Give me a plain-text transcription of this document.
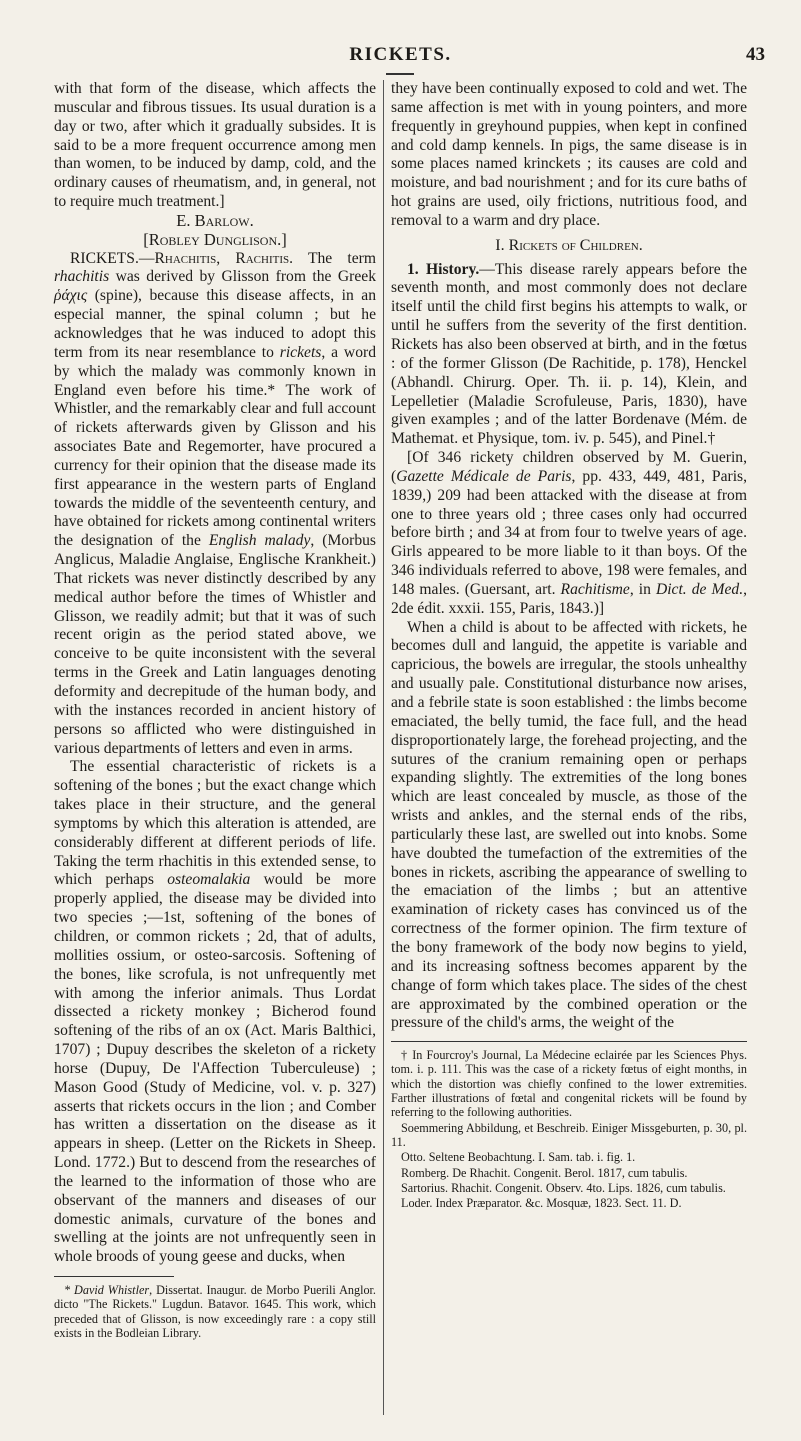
RICKETS.	43

with that form of the disease, which affects the muscular and fibrous tissues. Its usual duration is a day or two, after which it gradually subsides. It is said to be a more frequent occurrence among men than women, to be induced by damp, cold, and the ordinary causes of rheumatism, and, in general, not to require much treatment.]

E. Barlow.

[Robley Dunglison.]

RICKETS.—Rhachitis, Rachitis. The term rhachitis was derived by Glisson from the Greek ῥάχις (spine), because this disease affects, in an especial manner, the spinal column ; but he acknowledges that he was induced to adopt this term from its near resemblance to rickets, a word by which the malady was commonly known in England even before his time.* The work of Whistler, and the remarkably clear and full account of rickets afterwards given by Glisson and his associates Bate and Regemorter, have procured a currency for their opinion that the disease made its first appearance in the western parts of England towards the middle of the seventeenth century, and have obtained for rickets among continental writers the designation of the English malady, (Morbus Anglicus, Maladie Anglaise, Englische Krankheit.) That rickets was never distinctly described by any medical author before the times of Whistler and Glisson, we readily admit; but that it was of such recent origin as the period stated above, we conceive to be quite inconsistent with the several terms in the Greek and Latin languages denoting deformity and decrepitude of the human body, and with the instances recorded in ancient history of persons so afflicted who were distinguished in various departments of letters and even in arms.

The essential characteristic of rickets is a softening of the bones ; but the exact change which takes place in their structure, and the general symptoms by which this alteration is attended, are considerably different at different periods of life. Taking the term rhachitis in this extended sense, to which perhaps osteomalakia would be more properly applied, the disease may be divided into two species ;—1st, softening of the bones of children, or common rickets ; 2d, that of adults, mollities ossium, or osteo-sarcosis. Softening of the bones, like scrofula, is not unfrequently met with among the inferior animals. Thus Lordat dissected a rickety monkey ; Bicherod found softening of the ribs of an ox (Act. Maris Balthici, 1707) ; Dupuy describes the skeleton of a rickety horse (Dupuy, De l'Affection Tuberculeuse) ; Mason Good (Study of Medicine, vol. v. p. 327) asserts that rickets occurs in the lion ; and Comber has written a dissertation on the disease as it appears in sheep. (Letter on the Rickets in Sheep. Lond. 1772.) But to descend from the researches of the learned to the information of those who are observant of the manners and diseases of our domestic animals, curvature of the bones and swelling at the joints are not unfrequently seen in whole broods of young geese and ducks, when

* David Whistler, Dissertat. Inaugur. de Morbo Puerili Anglor. dicto "The Rickets." Lugdun. Batavor. 1645. This work, which preceded that of Glisson, is now exceedingly rare : a copy still exists in the Bodleian Library.

they have been continually exposed to cold and wet. The same affection is met with in young pointers, and more frequently in greyhound puppies, when kept in confined and cold damp kennels. In pigs, the same disease is in some places named krinckets ; its causes are cold and moisture, and bad nourishment ; and for its cure baths of hot grains are used, oily frictions, nutritious food, and removal to a warm and dry place.

I. Rickets of Children.

1. History.—This disease rarely appears before the seventh month, and most commonly does not declare itself until the child first begins his attempts to walk, or until he suffers from the severity of the first dentition. Rickets has also been observed at birth, and in the fœtus : of the former Glisson (De Rachitide, p. 178), Henckel (Abhandl. Chirurg. Oper. Th. ii. p. 14), Klein, and Lepelletier (Maladie Scrofuleuse, Paris, 1830), have given examples ; and of the latter Bordenave (Mém. de Mathemat. et Physique, tom. iv. p. 545), and Pinel.†

[Of 346 rickety children observed by M. Guerin, (Gazette Médicale de Paris, pp. 433, 449, 481, Paris, 1839,) 209 had been attacked with the disease at from one to three years old ; three cases only had occurred before birth ; and 34 at from four to twelve years of age. Girls appeared to be more liable to it than boys. Of the 346 individuals referred to above, 198 were females, and 148 males. (Guersant, art. Rachitisme, in Dict. de Med., 2de édit. xxxii. 155, Paris, 1843.)]

When a child is about to be affected with rickets, he becomes dull and languid, the appetite is variable and capricious, the bowels are irregular, the stools unhealthy and usually pale. Constitutional disturbance now arises, and a febrile state is soon established : the limbs become emaciated, the belly tumid, the face full, and the head disproportionately large, the forehead projecting, and the sutures of the cranium remaining open or perhaps expanding slightly. The extremities of the long bones which are least concealed by muscle, as those of the wrists and ankles, and the sternal ends of the ribs, particularly these last, are swelled out into knobs. Some have doubted the tumefaction of the extremities of the bones in rickets, ascribing the appearance of swelling to the emaciation of the limbs ; but an attentive examination of rickety cases has convinced us of the correctness of the former opinion. The firm texture of the bony framework of the body now begins to yield, and its increasing softness becomes apparent by the change of form which takes place. The sides of the chest are approximated by the combined operation or the pressure of the child's arms, the weight of the

† In Fourcroy's Journal, La Médecine eclairée par les Sciences Phys. tom. i. p. 111. This was the case of a rickety fœtus of eight months, in which the distortion was chiefly confined to the lower extremities. Farther illustrations of fœtal and congenital rickets will be found by referring to the following authorities.

Soemmering Abbildung, et Beschreib. Einiger Missgeburten, p. 30, pl. 11.

Otto. Seltene Beobachtung. I. Sam. tab. i. fig. 1.

Romberg. De Rhachit. Congenit. Berol. 1817, cum tabulis.

Sartorius. Rhachit. Congenit. Observ. 4to. Lips. 1826, cum tabulis.

Loder. Index Præparator. &c. Mosquæ, 1823. Sect. 11. D.
